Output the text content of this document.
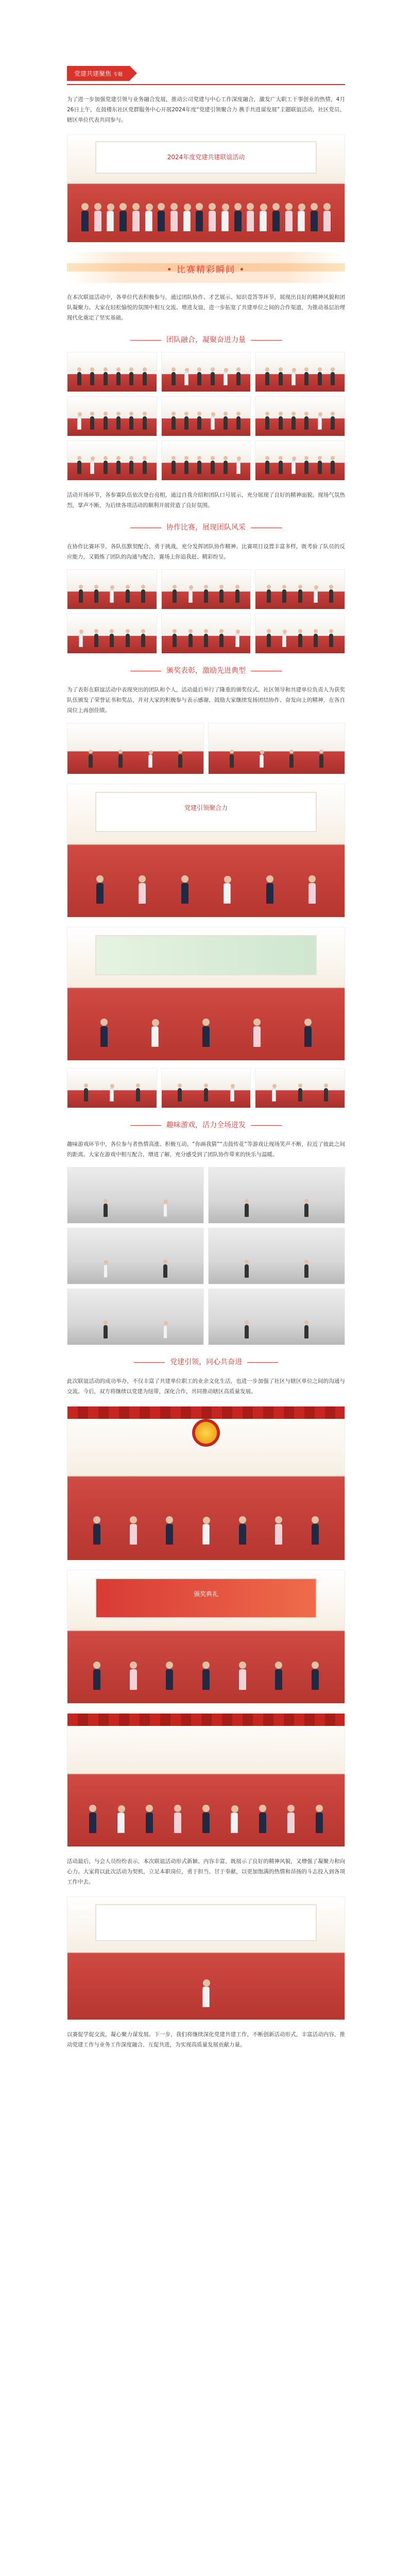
党建共建聚焦 专题

为了进一步加强党建引领与业务融合发展，推动公司党建与中心工作深度融合，激发广大职工干事创业的热情，4月26日上午，在鼓楼东社区党群服务中心开展2024年度“党建引领聚合力 携手共进谋发展”主题联谊活动，社区党员、辖区单位代表共同参与。

2024年度党建共建联谊活动
• 比赛精彩瞬间 •

在本次联谊活动中，各单位代表积极参与，通过团队协作、才艺展示、知识竞答等环节，展现出良好的精神风貌和团队凝聚力。大家在轻松愉悦的氛围中相互交流、增进友谊，进一步拓宽了共建单位之间的合作渠道，为推动基层治理现代化奠定了坚实基础。

团队融合，凝聚奋进力量

活动开场环节，各参赛队伍依次登台亮相，通过自我介绍和团队口号展示，充分展现了良好的精神面貌。现场气氛热烈，掌声不断，为后续各项活动的顺利开展营造了良好氛围。

协作比赛，展现团队风采

在协作比赛环节，各队伍默契配合、勇于挑战，充分发挥团队协作精神。比赛项目设置丰富多样，既考验了队员的反应能力，又锻炼了团队的沟通与配合，赛场上你追我赶、精彩纷呈。

颁奖表彰，激励先进典型

为了表彰在联谊活动中表现突出的团队和个人，活动最后举行了隆重的颁奖仪式。社区领导和共建单位负责人为获奖队伍颁发了荣誉证书和奖品，并对大家的积极参与表示感谢，鼓励大家继续发扬团结协作、奋发向上的精神，在各自岗位上再创佳绩。

党建引领聚合力
趣味游戏，活力全场迸发

趣味游戏环节中，各位参与者热情高涨、积极互动。“你画我猜”“击鼓传花”等游戏让现场笑声不断，拉近了彼此之间的距离。大家在游戏中相互配合，增进了解，充分感受到了团队协作带来的快乐与温暖。

党建引领，同心共奋进

此次联谊活动的成功举办，不仅丰富了共建单位职工的业余文化生活，也进一步加强了社区与辖区单位之间的沟通与交流。今后，双方将继续以党建为纽带，深化合作，共同推动辖区高质量发展。

颁奖典礼

活动最后，与会人员纷纷表示，本次联谊活动形式新颖、内容丰富，既展示了良好的精神风貌，又增强了凝聚力和向心力。大家将以此次活动为契机，立足本职岗位，勇于担当、甘于奉献，以更加饱满的热情和昂扬的斗志投入到各项工作中去。

以赛促学促交流，凝心聚力谋发展。下一步，我们将继续深化党建共建工作，不断创新活动形式，丰富活动内容，推动党建工作与业务工作深度融合、互促共进，为实现高质量发展贡献力量。
